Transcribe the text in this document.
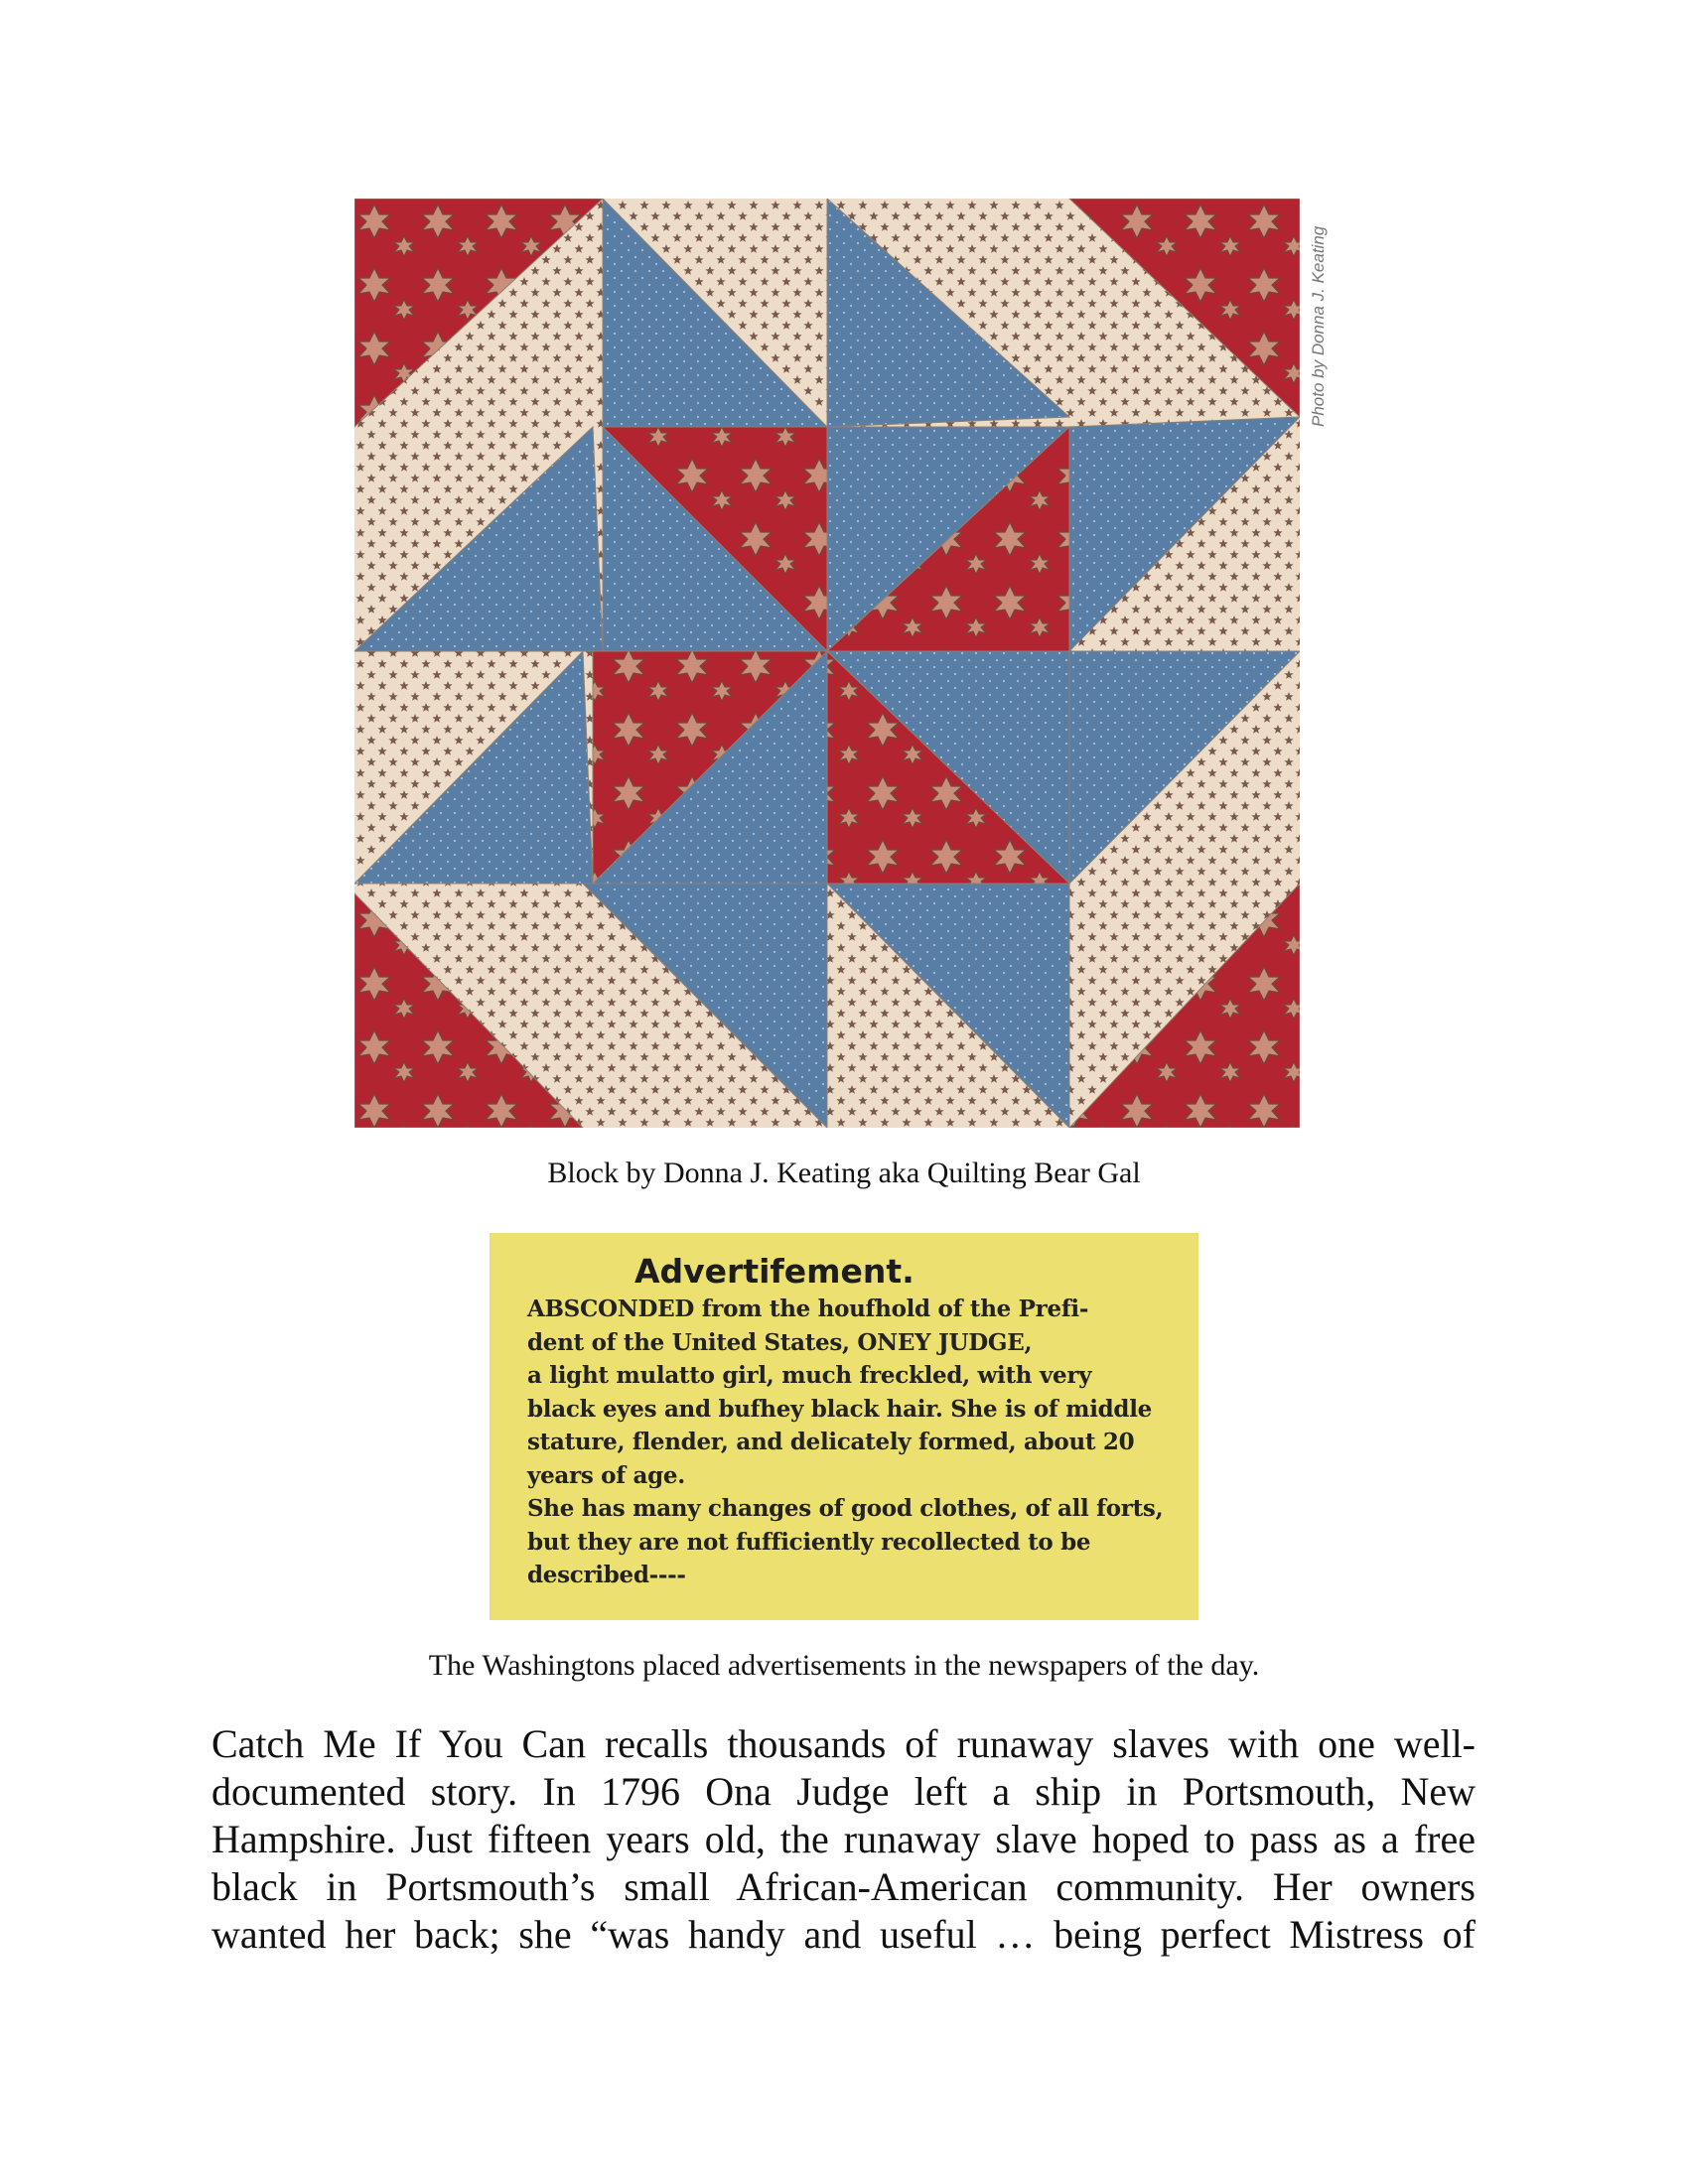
Photo by Donna J. Keating
Block by Donna J. Keating aka Quilting Bear Gal
Advertifement.
ABSCONDED from the houfhold of the Prefi-
dent of the United States, ONEY JUDGE,
a light mulatto girl, much freckled, with very
black eyes and bufhey black hair. She is of middle
stature, flender, and delicately formed, about 20
years of age.
She has many changes of good clothes, of all forts,
but they are not fufficiently recollected to be
described----
The Washingtons placed advertisements in the newspapers of the day.
Catch Me If You Can recalls thousands of runaway slaves with one well-
documented story. In 1796 Ona Judge left a ship in Portsmouth, New
Hampshire. Just fifteen years old, the runaway slave hoped to pass as a free
black in Portsmouth’s small African-American community. Her owners
wanted her back; she “was handy and useful … being perfect Mistress of
